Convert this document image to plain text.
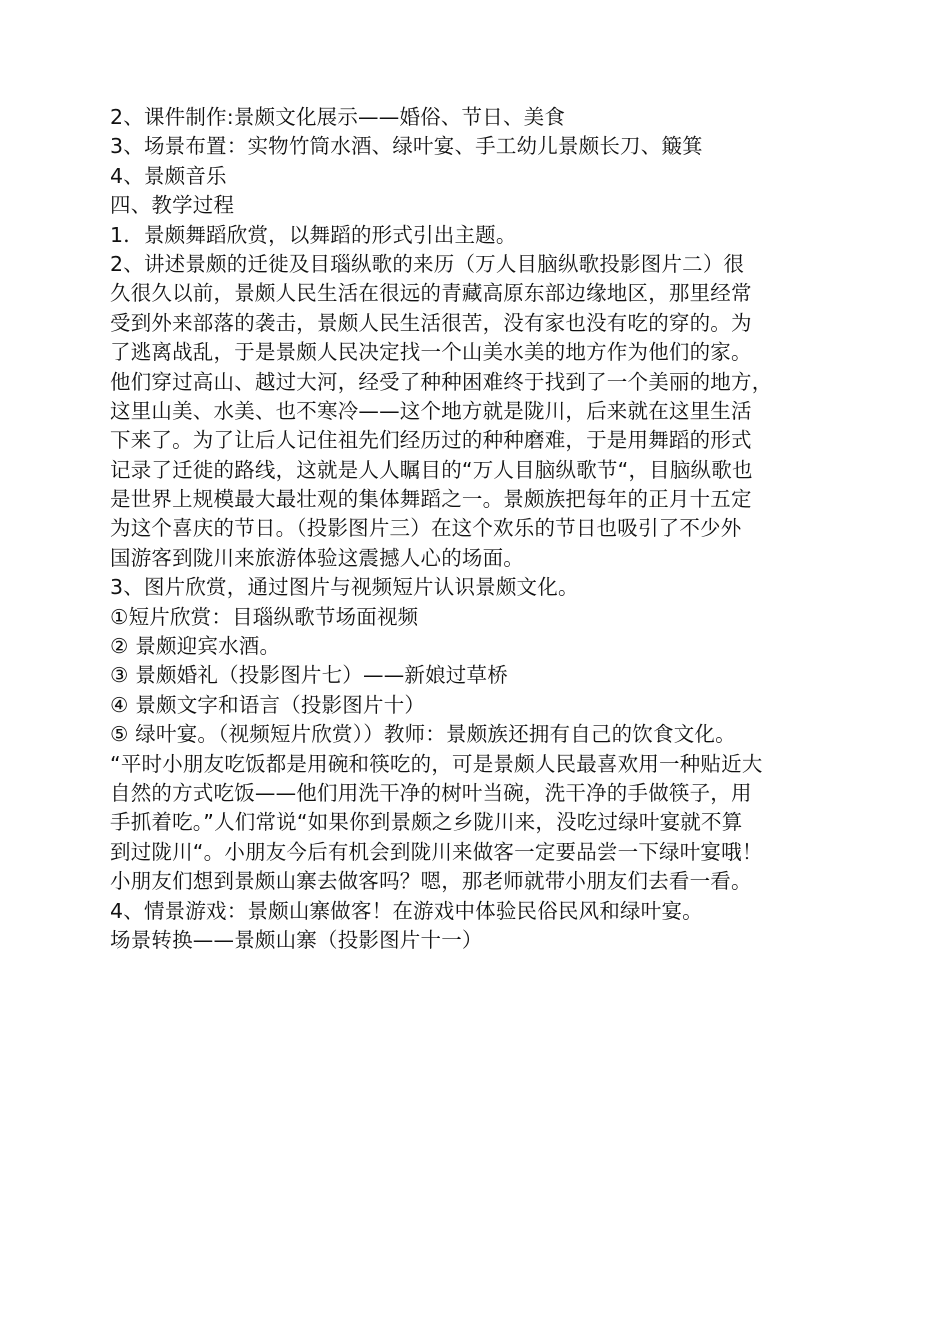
2、课件制作:景颇文化展示——婚俗、节日、美食
3、场景布置：实物竹筒水酒、绿叶宴、手工幼儿景颇长刀、簸箕
4、景颇音乐
四、教学过程
1．景颇舞蹈欣赏，以舞蹈的形式引出主题。
2、讲述景颇的迁徙及目瑙纵歌的来历（万人目脑纵歌投影图片二）很
久很久以前，景颇人民生活在很远的青藏高原东部边缘地区，那里经常
受到外来部落的袭击，景颇人民生活很苦，没有家也没有吃的穿的。为
了逃离战乱，于是景颇人民决定找一个山美水美的地方作为他们的家。
他们穿过高山、越过大河，经受了种种困难终于找到了一个美丽的地方，
这里山美、水美、也不寒冷——这个地方就是陇川，后来就在这里生活
下来了。为了让后人记住祖先们经历过的种种磨难，于是用舞蹈的形式
记录了迁徙的路线，这就是人人瞩目的“万人目脑纵歌节“，目脑纵歌也
是世界上规模最大最壮观的集体舞蹈之一。景颇族把每年的正月十五定
为这个喜庆的节日。（投影图片三）在这个欢乐的节日也吸引了不少外
国游客到陇川来旅游体验这震撼人心的场面。
3、图片欣赏，通过图片与视频短片认识景颇文化。
①短片欣赏：目瑙纵歌节场面视频
② 景颇迎宾水酒。
③ 景颇婚礼（投影图片七）——新娘过草桥
④ 景颇文字和语言（投影图片十）
⑤ 绿叶宴。（视频短片欣赏））教师：景颇族还拥有自己的饮食文化。
“平时小朋友吃饭都是用碗和筷吃的，可是景颇人民最喜欢用一种贴近大
自然的方式吃饭——他们用洗干净的树叶当碗，洗干净的手做筷子，用
手抓着吃。”人们常说“如果你到景颇之乡陇川来，没吃过绿叶宴就不算
到过陇川“。小朋友今后有机会到陇川来做客一定要品尝一下绿叶宴哦！
小朋友们想到景颇山寨去做客吗？嗯，那老师就带小朋友们去看一看。
4、情景游戏：景颇山寨做客！在游戏中体验民俗民风和绿叶宴。
场景转换——景颇山寨（投影图片十一）
